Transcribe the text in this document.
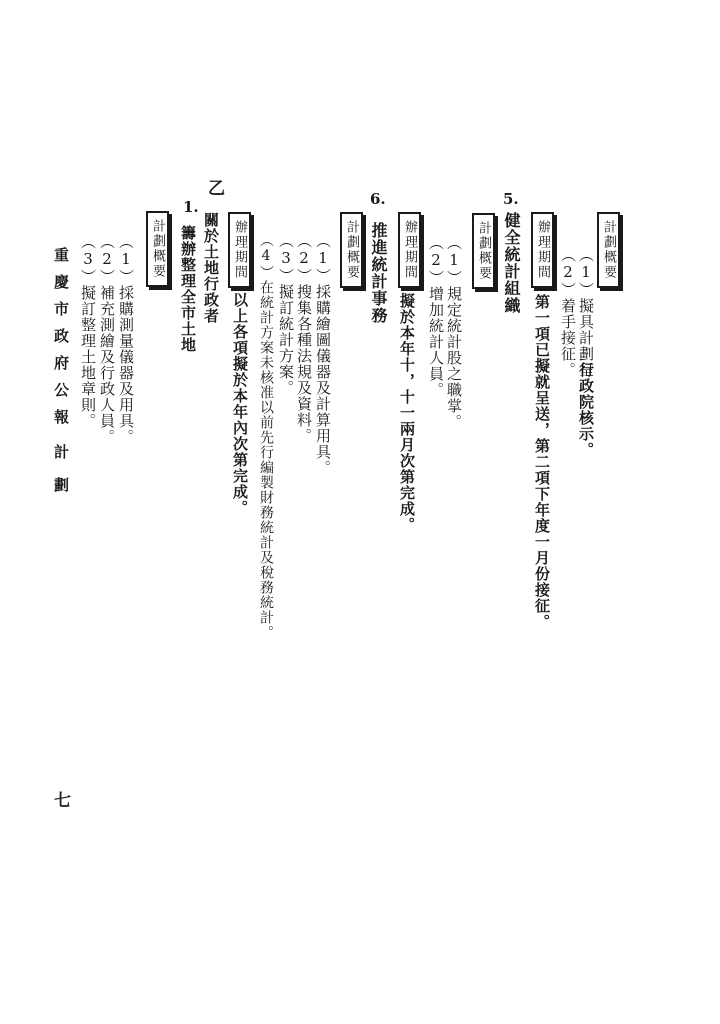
計劃概要
（1）擬具計劃呈
行政院核示。
（2）着手接征。
辦理期間
第一項已擬就呈送，第二項下年度一月份接征。
5.
健全統計組織
計劃概要
（1）規定統計股之職掌。
（2）增加統計人員。
辦理期間
擬於本年十，十一兩月次第完成。
6.
推進統計事務
計劃概要
（1）採購繪圖儀器及計算用具。
（2）搜集各種法規及資料。
（3）擬訂統計方案。
（4）在統計方案未核准以前先行編製財務統計及稅務統計。
辦理期間
以上各項擬於本年內次第完成。
乙
1.
關於土地行政者
籌辦整理全市土地
計劃概要
（1）採購測量儀器及用具。
（2）補充測繪及行政人員。
（3）擬訂整理土地章則。
重
慶
市
政
府
公
報
計
劃
七
